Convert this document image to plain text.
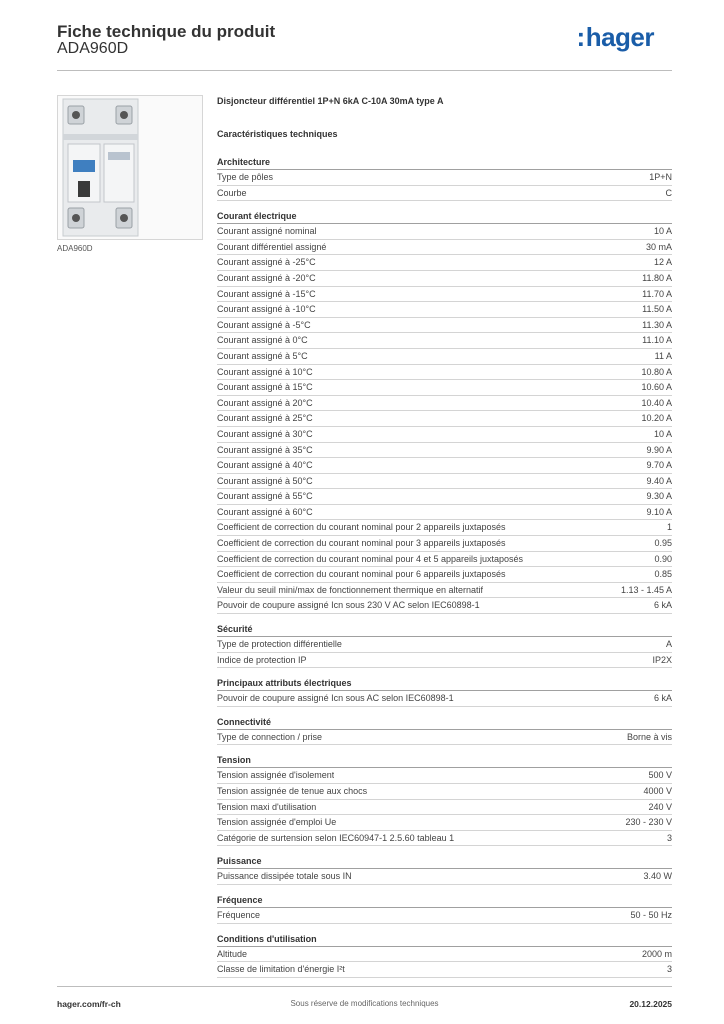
Fiche technique du produit
ADA960D	:hager
ADA960D
Disjoncteur différentiel 1P+N 6kA C-10A 30mA type A
Caractéristiques techniques
Architecture
Type de pôles	1P+N
Courbe	C
Courant électrique
Courant assigné nominal	10 A
Courant différentiel assigné	30 mA
Courant assigné à -25°C	12 A
Courant assigné à -20°C	11.80 A
Courant assigné à -15°C	11.70 A
Courant assigné à -10°C	11.50 A
Courant assigné à -5°C	11.30 A
Courant assigné à 0°C	11.10 A
Courant assigné à 5°C	11 A
Courant assigné à 10°C	10.80 A
Courant assigné à 15°C	10.60 A
Courant assigné à 20°C	10.40 A
Courant assigné à 25°C	10.20 A
Courant assigné à 30°C	10 A
Courant assigné à 35°C	9.90 A
Courant assigné à 40°C	9.70 A
Courant assigné à 50°C	9.40 A
Courant assigné à 55°C	9.30 A
Courant assigné à 60°C	9.10 A
Coefficient de correction du courant nominal pour 2 appareils juxtaposés	1
Coefficient de correction du courant nominal pour 3 appareils juxtaposés	0.95
Coefficient de correction du courant nominal pour 4 et 5 appareils juxtaposés	0.90
Coefficient de correction du courant nominal pour 6 appareils juxtaposés	0.85
Valeur du seuil mini/max de fonctionnement thermique en alternatif	1.13 - 1.45 A
Pouvoir de coupure assigné Icn sous 230 V AC selon IEC60898-1	6 kA
Sécurité
Type de protection différentielle	A
Indice de protection IP	IP2X
Principaux attributs électriques
Pouvoir de coupure assigné Icn sous AC selon IEC60898-1	6 kA
Connectivité
Type de connection / prise	Borne à vis
Tension
Tension assignée d'isolement	500 V
Tension assignée de tenue aux chocs	4000 V
Tension maxi d'utilisation	240 V
Tension assignée d'emploi Ue	230 - 230 V
Catégorie de surtension selon IEC60947-1 2.5.60 tableau 1	3
Puissance
Puissance dissipée totale sous IN	3.40 W
Fréquence
Fréquence	50 - 50 Hz
Conditions d'utilisation
Altitude	2000 m
Classe de limitation d'énergie I²t	3
hager.com/fr-ch	Sous réserve de modifications techniques	20.12.2025
